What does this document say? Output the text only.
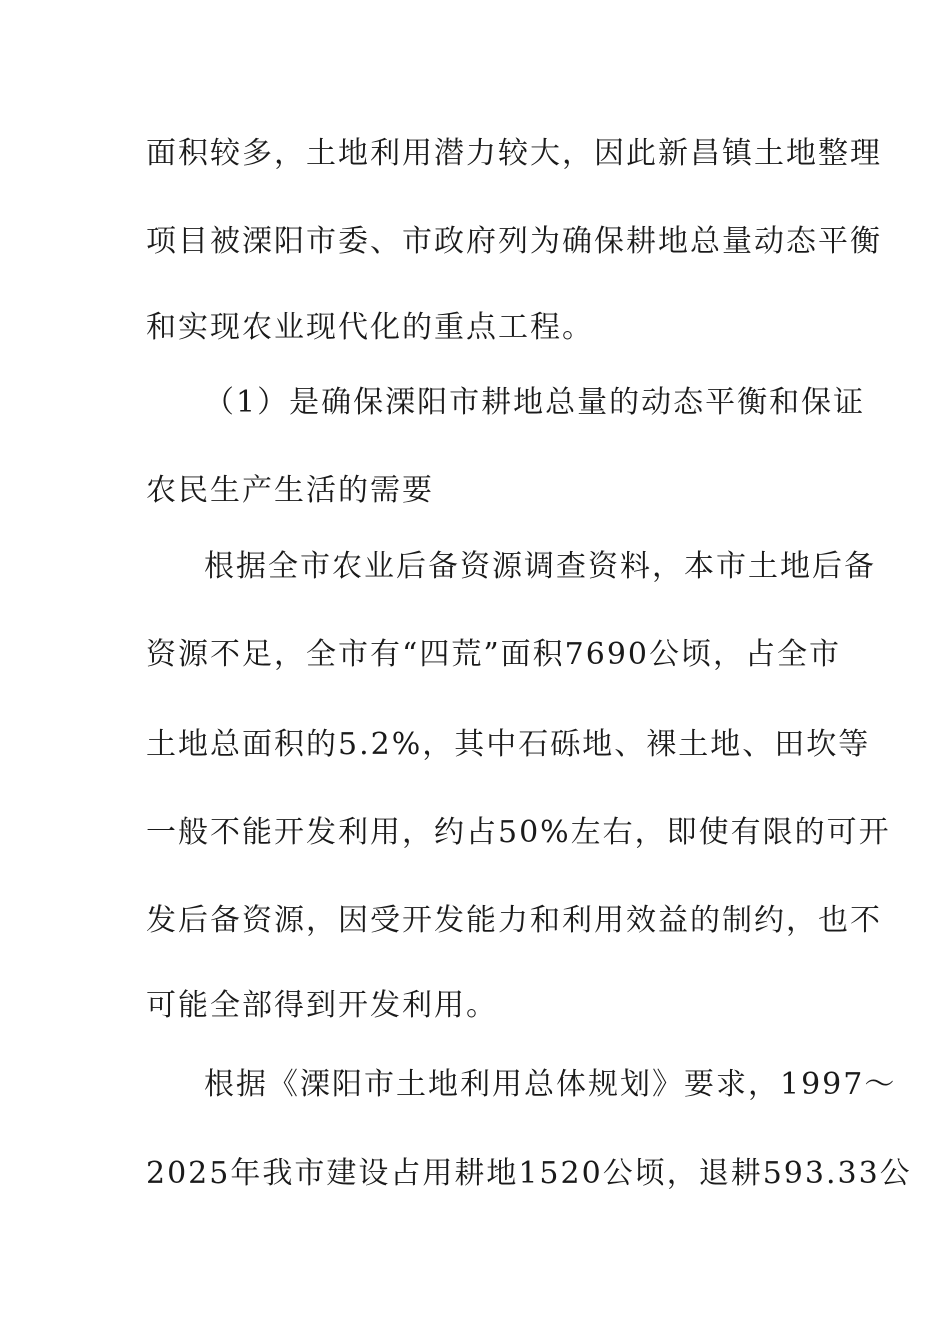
面积较多，土地利用潜力较大，因此新昌镇土地整理
项目被溧阳市委、市政府列为确保耕地总量动态平衡
和实现农业现代化的重点工程。
（1）是确保溧阳市耕地总量的动态平衡和保证
农民生产生活的需要
根据全市农业后备资源调查资料，本市土地后备
资源不足，全市有“四荒”面积7690公顷，占全市
土地总面积的5.2%，其中石砾地、裸土地、田坎等
一般不能开发利用，约占50%左右，即使有限的可开
发后备资源，因受开发能力和利用效益的制约，也不
可能全部得到开发利用。
根据《溧阳市土地利用总体规划》要求，1997～
2025年我市建设占用耕地1520公顷，退耕593.33公
